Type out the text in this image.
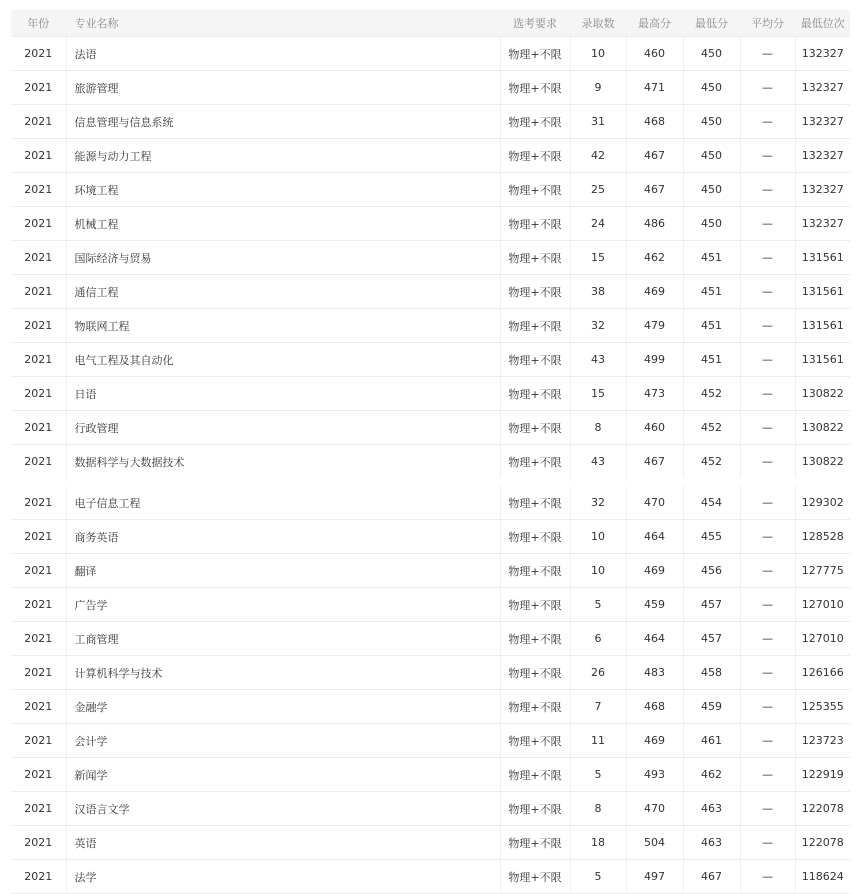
年份	专业名称	选考要求	录取数	最高分	最低分	平均分	最低位次
2021	法语	物理+不限	10	460	450	—	132327
2021	旅游管理	物理+不限	9	471	450	—	132327
2021	信息管理与信息系统	物理+不限	31	468	450	—	132327
2021	能源与动力工程	物理+不限	42	467	450	—	132327
2021	环境工程	物理+不限	25	467	450	—	132327
2021	机械工程	物理+不限	24	486	450	—	132327
2021	国际经济与贸易	物理+不限	15	462	451	—	131561
2021	通信工程	物理+不限	38	469	451	—	131561
2021	物联网工程	物理+不限	32	479	451	—	131561
2021	电气工程及其自动化	物理+不限	43	499	451	—	131561
2021	日语	物理+不限	15	473	452	—	130822
2021	行政管理	物理+不限	8	460	452	—	130822
2021	数据科学与大数据技术	物理+不限	43	467	452	—	130822
2021	电子信息工程	物理+不限	32	470	454	—	129302
2021	商务英语	物理+不限	10	464	455	—	128528
2021	翻译	物理+不限	10	469	456	—	127775
2021	广告学	物理+不限	5	459	457	—	127010
2021	工商管理	物理+不限	6	464	457	—	127010
2021	计算机科学与技术	物理+不限	26	483	458	—	126166
2021	金融学	物理+不限	7	468	459	—	125355
2021	会计学	物理+不限	11	469	461	—	123723
2021	新闻学	物理+不限	5	493	462	—	122919
2021	汉语言文学	物理+不限	8	470	463	—	122078
2021	英语	物理+不限	18	504	463	—	122078
2021	法学	物理+不限	5	497	467	—	118624
